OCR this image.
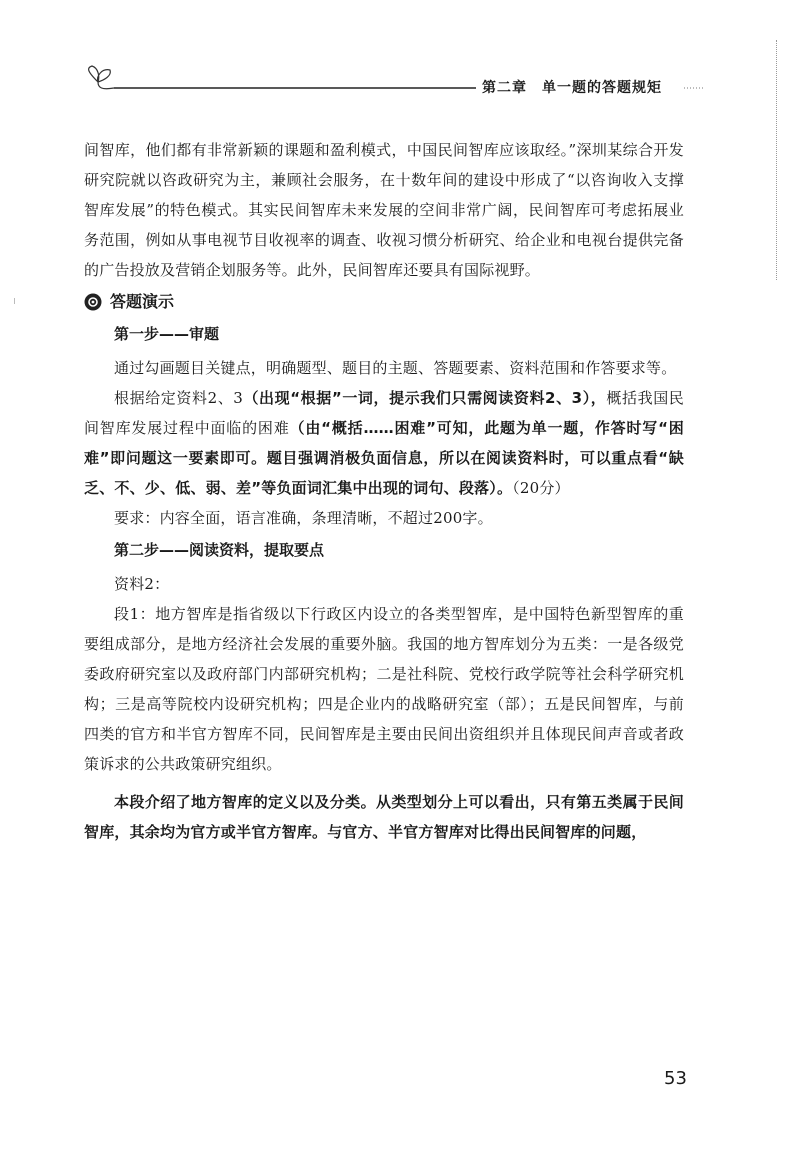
第二章　单一题的答题规矩

间智库，他们都有非常新颖的课题和盈利模式，中国民间智库应该取经。”深圳某综合开发研究院就以咨政研究为主，兼顾社会服务，在十数年间的建设中形成了“以咨询收入支撑智库发展”的特色模式。其实民间智库未来发展的空间非常广阔，民间智库可考虑拓展业务范围，例如从事电视节目收视率的调查、收视习惯分析研究、给企业和电视台提供完备的广告投放及营销企划服务等。此外，民间智库还要具有国际视野。

答题演示
第一步——审题

通过勾画题目关键点，明确题型、题目的主题、答题要素、资料范围和作答要求等。

根据给定资料2、3（出现“根据”一词，提示我们只需阅读资料2、3），概括我国民间智库发展过程中面临的困难（由“概括……困难”可知，此题为单一题，作答时写“困难”即问题这一要素即可。题目强调消极负面信息，所以在阅读资料时，可以重点看“缺乏、不、少、低、弱、差”等负面词汇集中出现的词句、段落）。（20分）

要求：内容全面，语言准确，条理清晰，不超过200字。

第二步——阅读资料，提取要点

资料2：

段1：地方智库是指省级以下行政区内设立的各类型智库，是中国特色新型智库的重要组成部分，是地方经济社会发展的重要外脑。我国的地方智库划分为五类：一是各级党委政府研究室以及政府部门内部研究机构；二是社科院、党校行政学院等社会科学研究机构；三是高等院校内设研究机构；四是企业内的战略研究室（部）；五是民间智库，与前四类的官方和半官方智库不同，民间智库是主要由民间出资组织并且体现民间声音或者政策诉求的公共政策研究组织。

本段介绍了地方智库的定义以及分类。从类型划分上可以看出，只有第五类属于民间智库，其余均为官方或半官方智库。与官方、半官方智库对比得出民间智库的问题，

53
